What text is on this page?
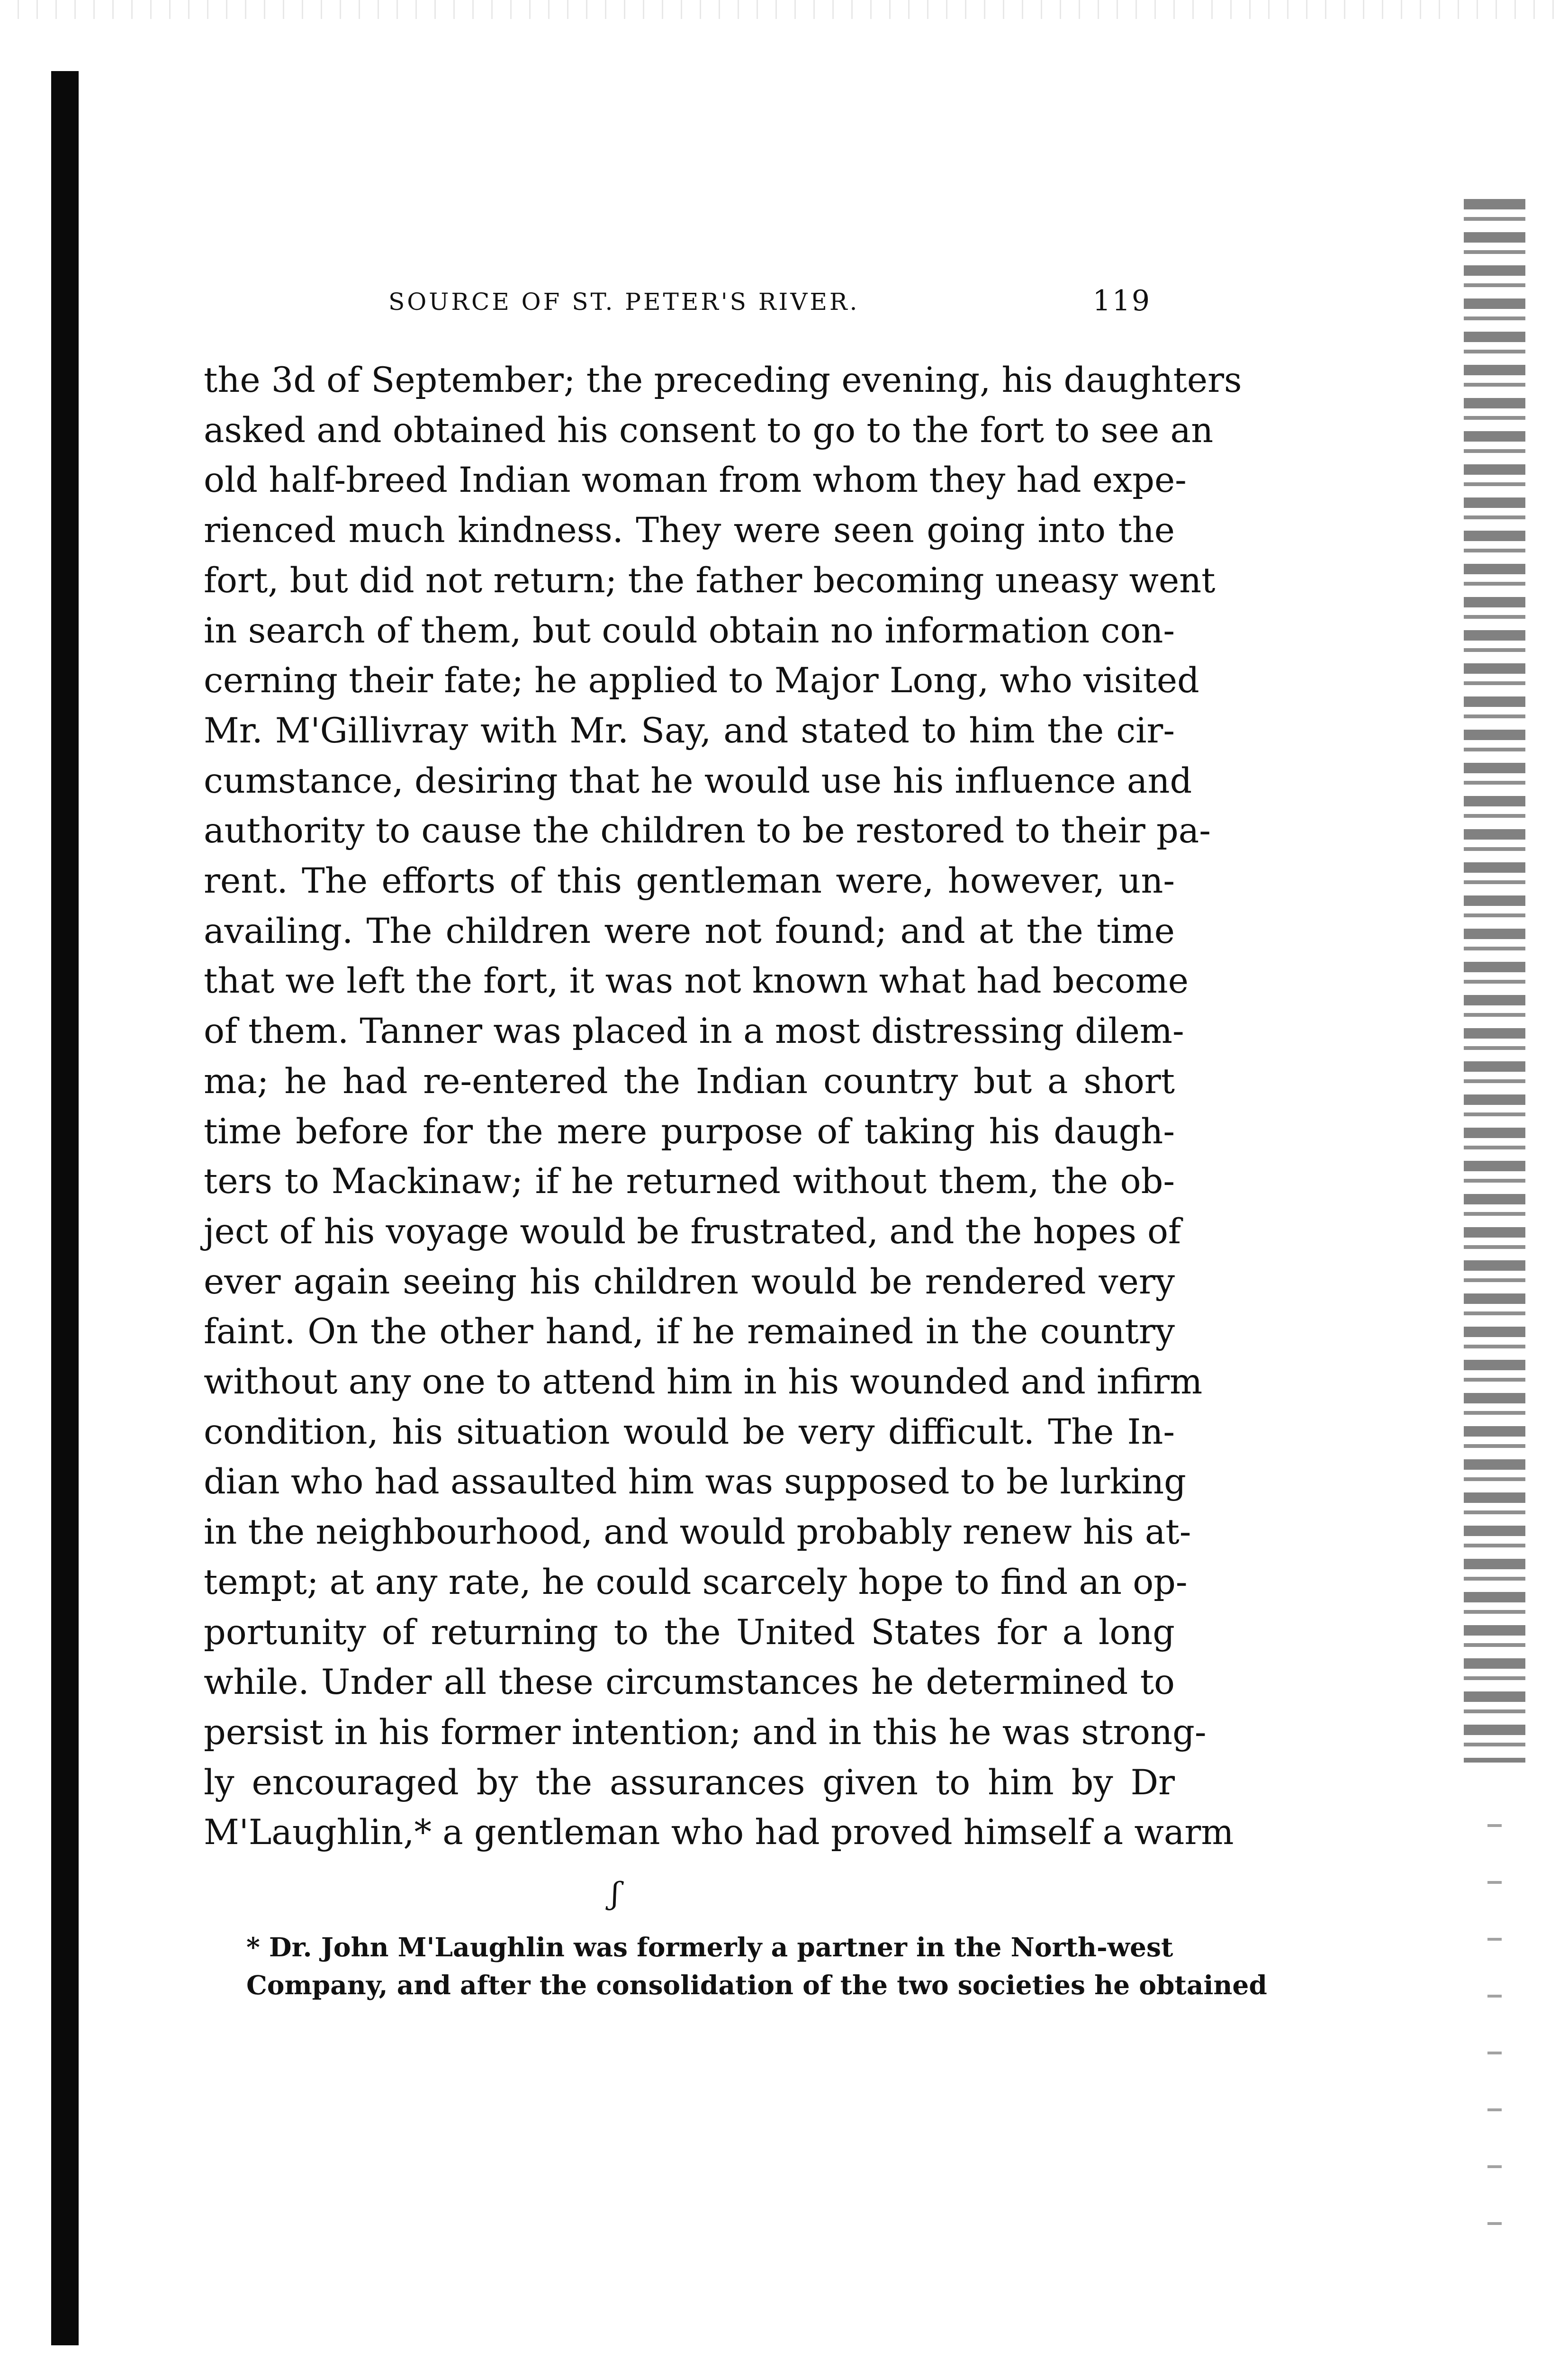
SOURCE OF ST. PETER'S RIVER.	119
the 3d of September; the preceding evening, his daughters
asked and obtained his consent to go to the fort to see an
old half-breed Indian woman from whom they had expe-
rienced much kindness. They were seen going into the
fort, but did not return; the father becoming uneasy went
in search of them, but could obtain no information con-
cerning their fate; he applied to Major Long, who visited
Mr. M'Gillivray with Mr. Say, and stated to him the cir-
cumstance, desiring that he would use his influence and
authority to cause the children to be restored to their pa-
rent. The efforts of this gentleman were, however, un-
availing. The children were not found; and at the time
that we left the fort, it was not known what had become
of them. Tanner was placed in a most distressing dilem-
ma; he had re-entered the Indian country but a short
time before for the mere purpose of taking his daugh-
ters to Mackinaw; if he returned without them, the ob-
ject of his voyage would be frustrated, and the hopes of
ever again seeing his children would be rendered very
faint. On the other hand, if he remained in the country
without any one to attend him in his wounded and infirm
condition, his situation would be very difficult. The In-
dian who had assaulted him was supposed to be lurking
in the neighbourhood, and would probably renew his at-
tempt; at any rate, he could scarcely hope to find an op-
portunity of returning to the United States for a long
while. Under all these circumstances he determined to
persist in his former intention; and in this he was strong-
ly encouraged by the assurances given to him by Dr
M'Laughlin,* a gentleman who had proved himself a warm
ʃ
* Dr. John M'Laughlin was formerly a partner in the North-west
Company, and after the consolidation of the two societies he obtained
